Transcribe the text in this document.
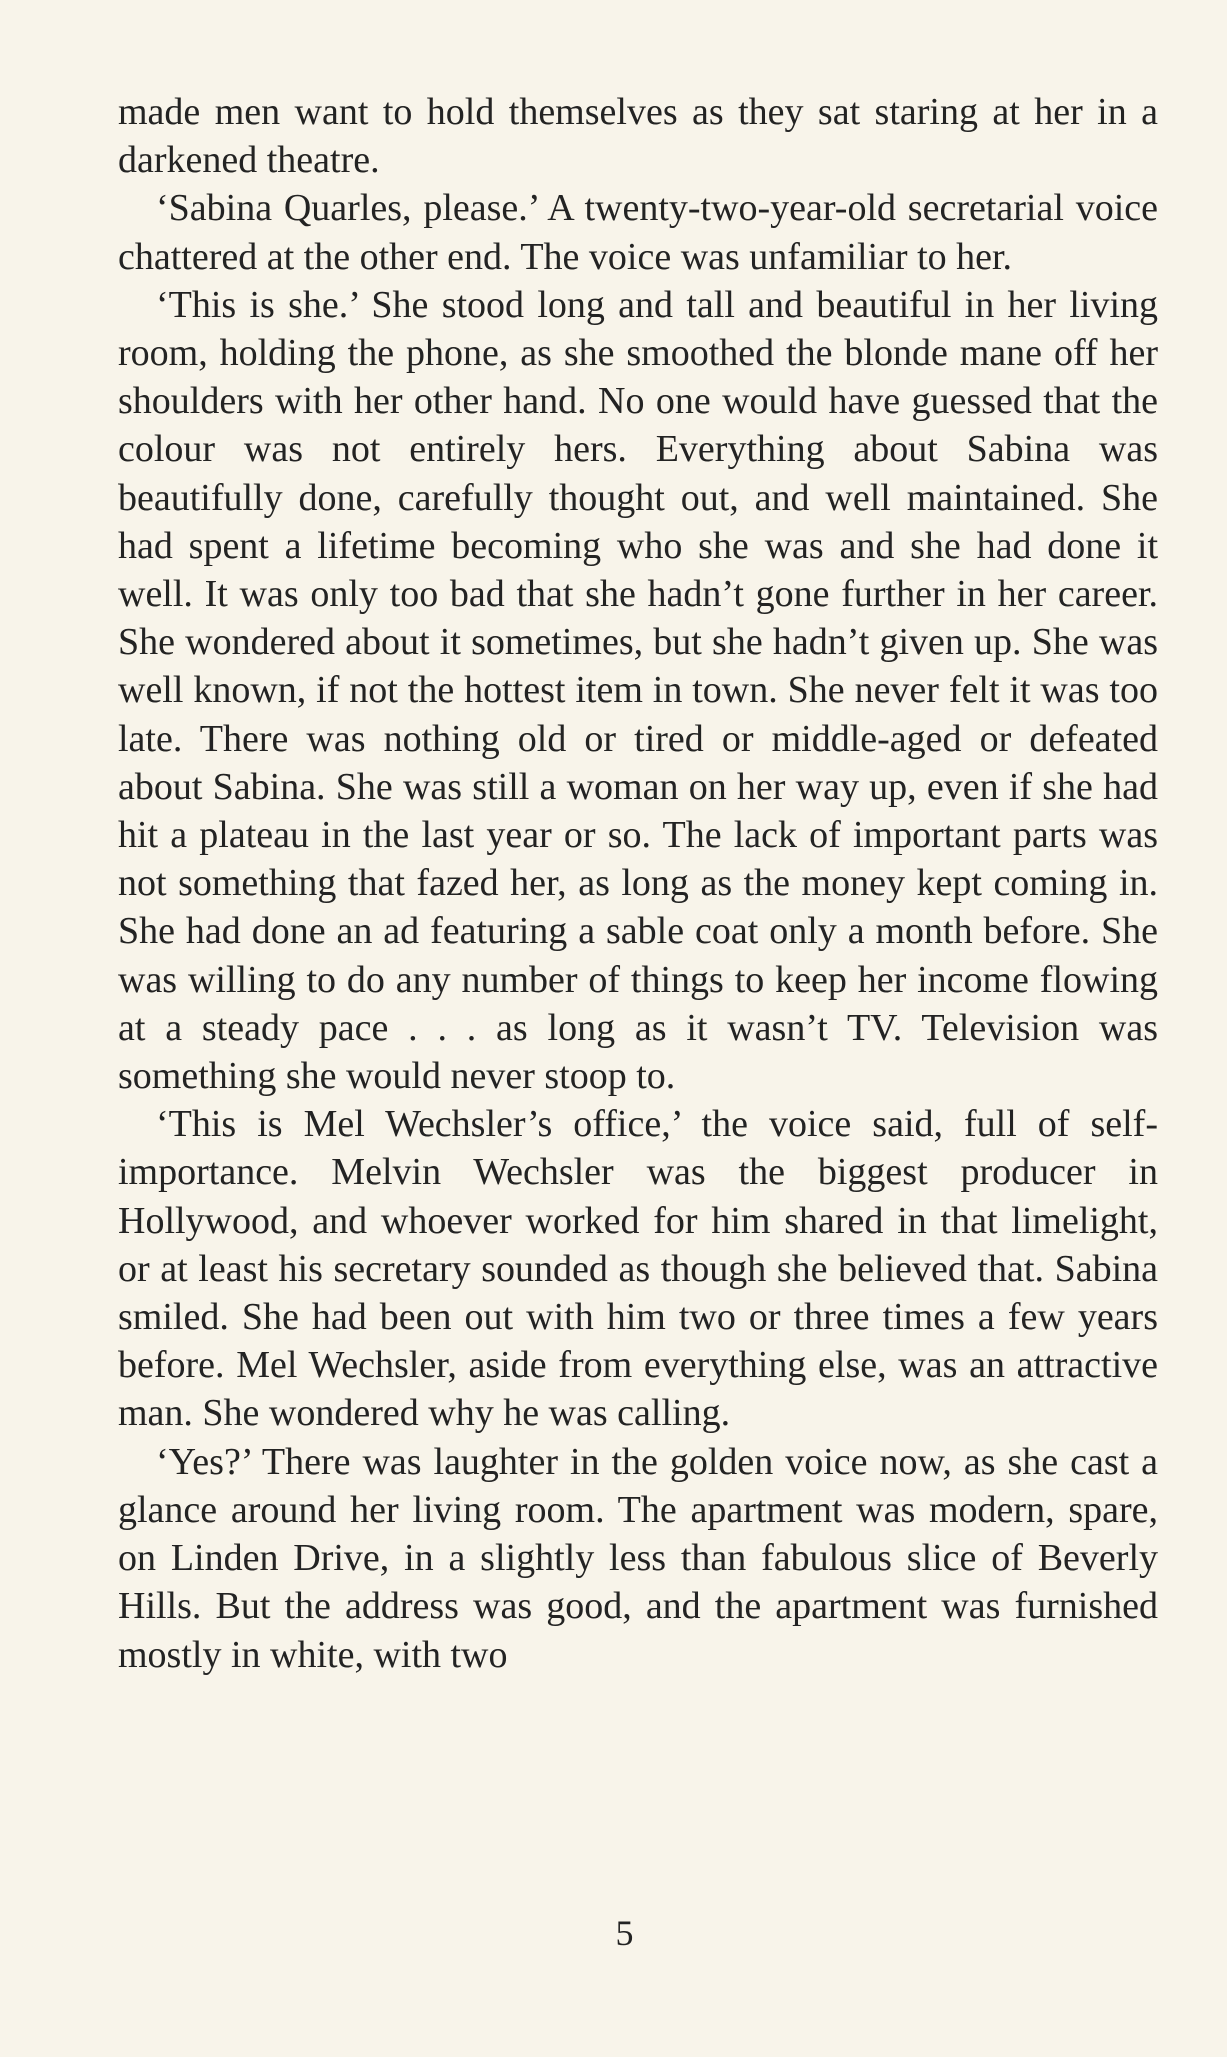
made men want to hold themselves as they sat staring at her in a darkened theatre.

‘Sabina Quarles, please.’ A twenty-two-year-old secretarial voice chattered at the other end. The voice was unfamiliar to her.

‘This is she.’ She stood long and tall and beautiful in her living room, holding the phone, as she smoothed the blonde mane off her shoulders with her other hand. No one would have guessed that the colour was not entirely hers. Everything about Sabina was beautifully done, carefully thought out, and well maintained. She had spent a lifetime becoming who she was and she had done it well. It was only too bad that she hadn’t gone further in her career. She wondered about it sometimes, but she hadn’t given up. She was well known, if not the hottest item in town. She never felt it was too late. There was nothing old or tired or middle-aged or defeated about Sabina. She was still a woman on her way up, even if she had hit a plateau in the last year or so. The lack of important parts was not something that fazed her, as long as the money kept coming in. She had done an ad featuring a sable coat only a month before. She was willing to do any number of things to keep her income flowing at a steady pace . . . as long as it wasn’t TV. Television was something she would never stoop to.

‘This is Mel Wechsler’s office,’ the voice said, full of self-importance. Melvin Wechsler was the biggest producer in Hollywood, and whoever worked for him shared in that limelight, or at least his secretary sounded as though she believed that. Sabina smiled. She had been out with him two or three times a few years before. Mel Wechsler, aside from everything else, was an attractive man. She wondered why he was calling.

‘Yes?’ There was laughter in the golden voice now, as she cast a glance around her living room. The apartment was modern, spare, on Linden Drive, in a slightly less than fabulous slice of Beverly Hills. But the address was good, and the apartment was furnished mostly in white, with two

5
